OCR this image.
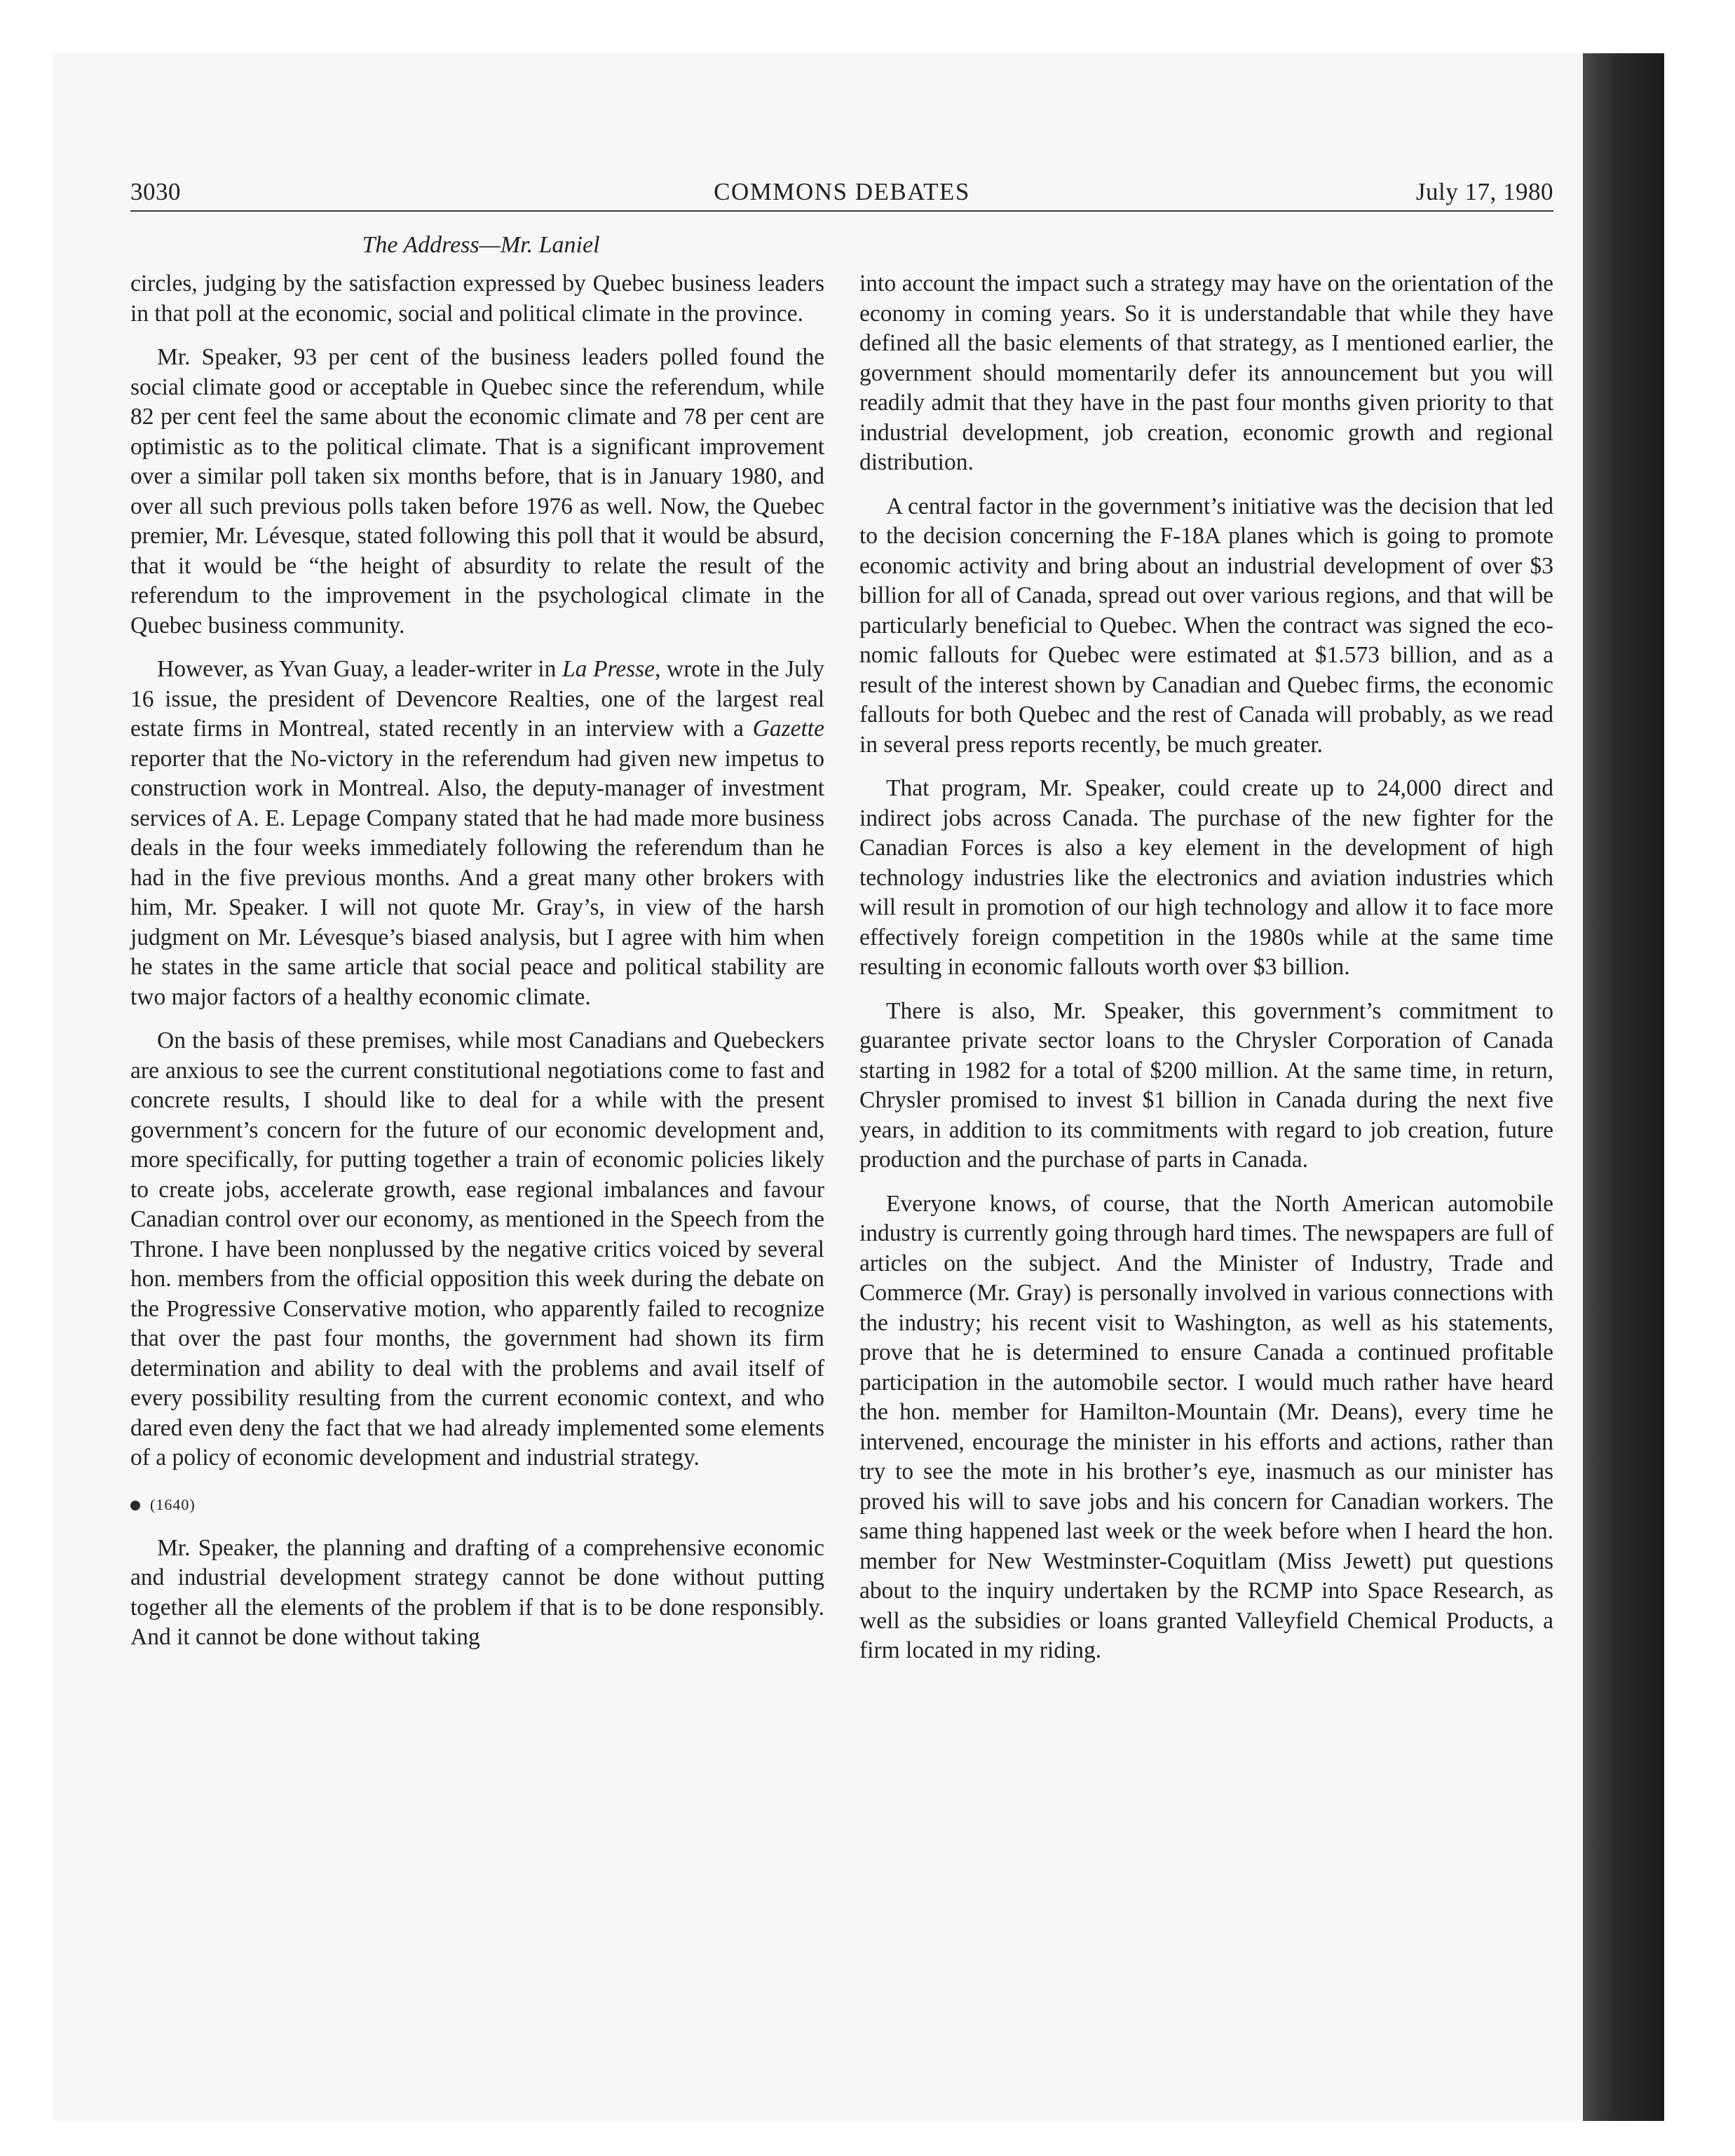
3030	COMMONS DEBATES	July 17, 1980
The Address—Mr. Laniel

circles, judging by the satisfaction expressed by Quebec business leaders in that poll at the economic, social and political climate in the province.

Mr. Speaker, 93 per cent of the business leaders polled found the social climate good or acceptable in Quebec since the referendum, while 82 per cent feel the same about the economic climate and 78 per cent are optimistic as to the political climate. That is a significant improvement over a similar poll taken six months before, that is in January 1980, and over all such previous polls taken before 1976 as well. Now, the Quebec premier, Mr. Lévesque, stated following this poll that it would be absurd, that it would be “the height of absurdity to relate the result of the referendum to the improvement in the psychological climate in the Quebec business community.

However, as Yvan Guay, a leader-writer in La Presse, wrote in the July 16 issue, the president of Devencore Realties, one of the largest real estate firms in Montreal, stated recently in an interview with a Gazette reporter that the No-victory in the referendum had given new impetus to construction work in Montreal. Also, the deputy-manager of investment services of A. E. Lepage Company stated that he had made more business deals in the four weeks immediately following the referendum than he had in the five previous months. And a great many other brokers with him, Mr. Speaker. I will not quote Mr. Gray’s, in view of the harsh judgment on Mr. Lévesque’s biased analysis, but I agree with him when he states in the same article that social peace and political stability are two major factors of a healthy economic climate.

On the basis of these premises, while most Canadians and Quebeckers are anxious to see the current constitutional negotiations come to fast and concrete results, I should like to deal for a while with the present government’s concern for the future of our economic development and, more specifically, for putting together a train of economic policies likely to create jobs, accelerate growth, ease regional imbalances and favour Canadian control over our economy, as mentioned in the Speech from the Throne. I have been nonplussed by the negative critics voiced by several hon. members from the official opposition this week during the debate on the Progressive Conservative motion, who apparently failed to recognize that over the past four months, the government had shown its firm determination and ability to deal with the problems and avail itself of every possibility resulting from the current economic context, and who dared even deny the fact that we had already implemented some elements of a policy of economic development and industrial strategy.

(1640)

Mr. Speaker, the planning and drafting of a comprehensive economic and industrial development strategy cannot be done without putting together all the elements of the problem if that is to be done responsibly. And it cannot be done without taking

into account the impact such a strategy may have on the orientation of the economy in coming years. So it is understandable that while they have defined all the basic elements of that strategy, as I mentioned earlier, the government should momentarily defer its announcement but you will readily admit that they have in the past four months given priority to that industrial development, job creation, economic growth and regional distribution.

A central factor in the government’s initiative was the decision that led to the decision concerning the F-18A planes which is going to promote economic activity and bring about an industrial development of over $3 billion for all of Canada, spread out over various regions, and that will be particularly beneficial to Quebec. When the contract was signed the economic fallouts for Quebec were estimated at $1.573 billion, and as a result of the interest shown by Canadian and Quebec firms, the economic fallouts for both Quebec and the rest of Canada will probably, as we read in several press reports recently, be much greater.

That program, Mr. Speaker, could create up to 24,000 direct and indirect jobs across Canada. The purchase of the new fighter for the Canadian Forces is also a key element in the development of high technology industries like the electronics and aviation industries which will result in promotion of our high technology and allow it to face more effectively foreign competition in the 1980s while at the same time resulting in economic fallouts worth over $3 billion.

There is also, Mr. Speaker, this government’s commitment to guarantee private sector loans to the Chrysler Corporation of Canada starting in 1982 for a total of $200 million. At the same time, in return, Chrysler promised to invest $1 billion in Canada during the next five years, in addition to its commitments with regard to job creation, future production and the purchase of parts in Canada.

Everyone knows, of course, that the North American automobile industry is currently going through hard times. The newspapers are full of articles on the subject. And the Minister of Industry, Trade and Commerce (Mr. Gray) is personally involved in various connections with the industry; his recent visit to Washington, as well as his statements, prove that he is determined to ensure Canada a continued profitable participation in the automobile sector. I would much rather have heard the hon. member for Hamilton-Mountain (Mr. Deans), every time he intervened, encourage the minister in his efforts and actions, rather than try to see the mote in his brother’s eye, inasmuch as our minister has proved his will to save jobs and his concern for Canadian workers. The same thing happened last week or the week before when I heard the hon. member for New Westminster-Coquitlam (Miss Jewett) put questions about to the inquiry undertaken by the RCMP into Space Research, as well as the subsidies or loans granted Valleyfield Chemical Products, a firm located in my riding.
